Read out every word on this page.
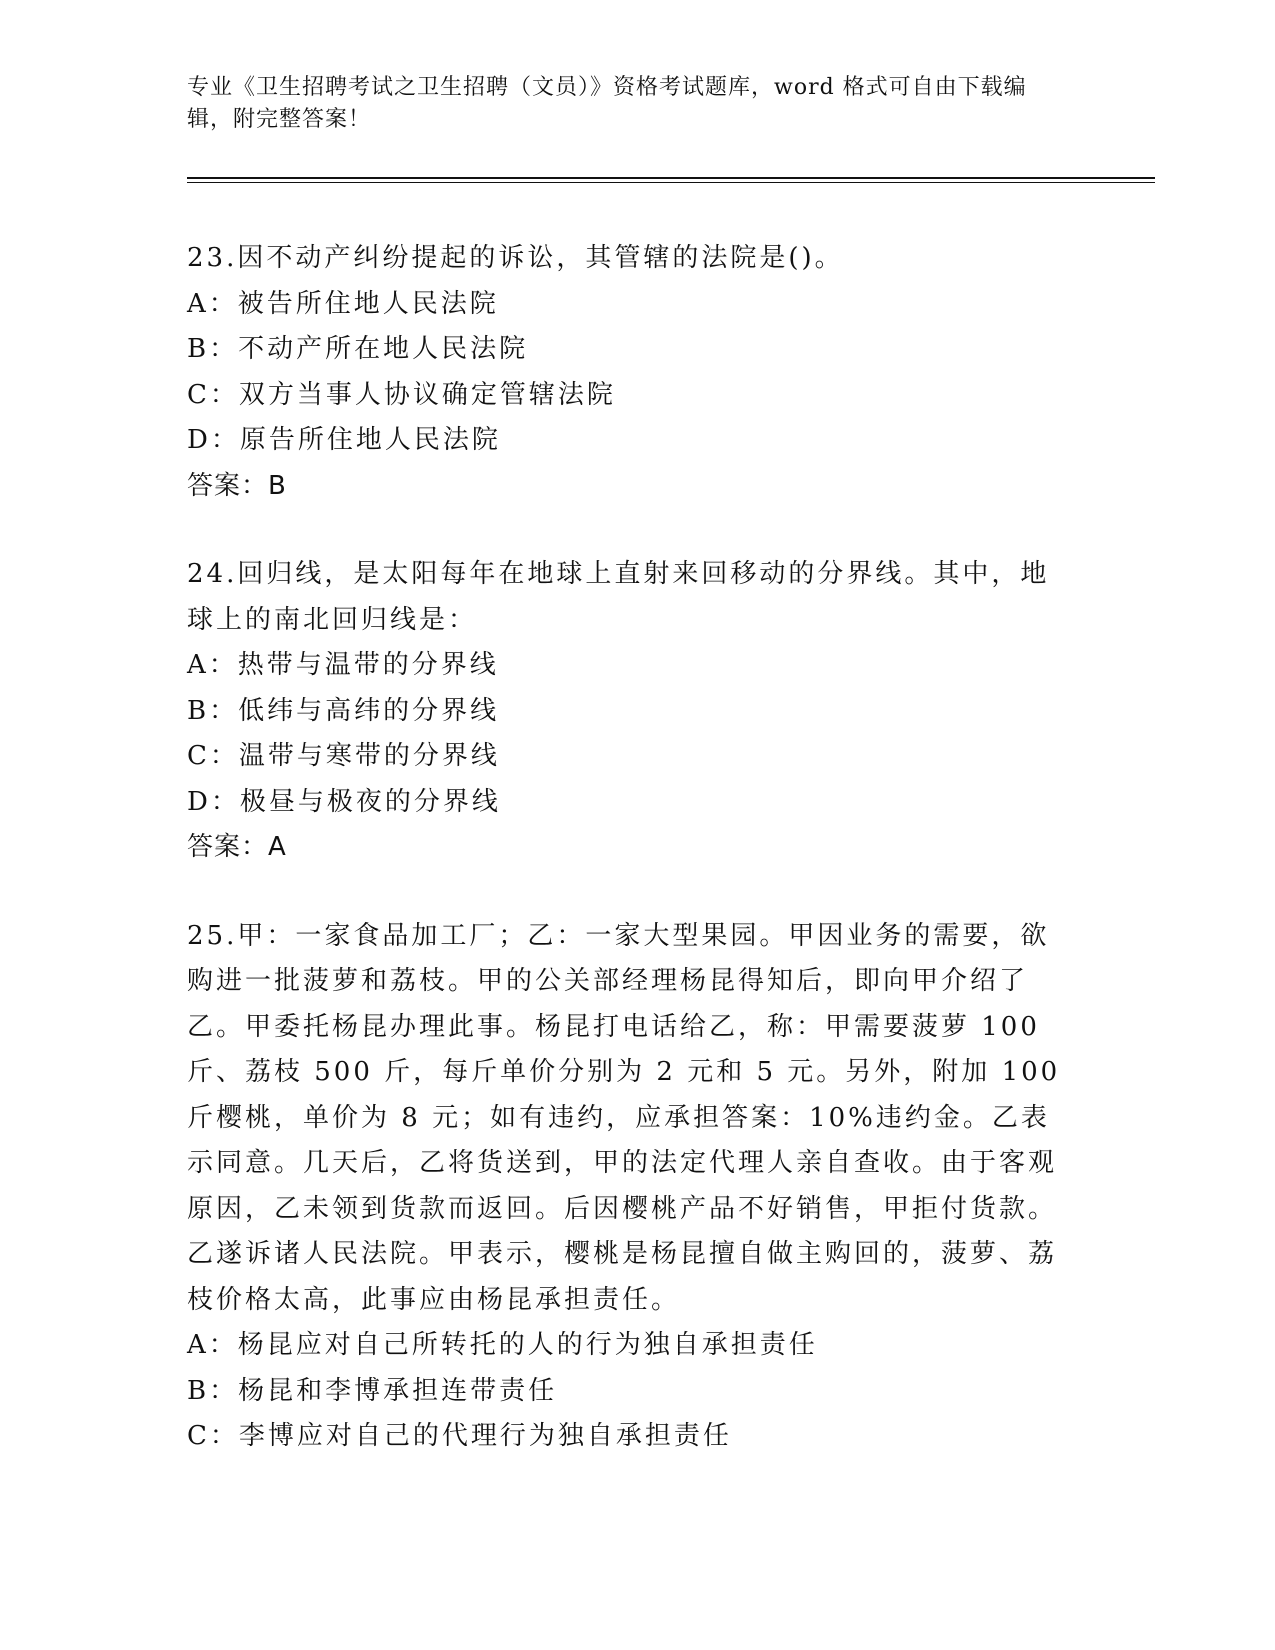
专业《卫生招聘考试之卫生招聘（文员）》资格考试题库，word 格式可自由下载编辑，附完整答案！
23.因不动产纠纷提起的诉讼，其管辖的法院是()。
A：被告所住地人民法院
B：不动产所在地人民法院
C：双方当事人协议确定管辖法院
D：原告所住地人民法院
答案：B
24.回归线，是太阳每年在地球上直射来回移动的分界线。其中，地球上的南北回归线是：
A：热带与温带的分界线
B：低纬与高纬的分界线
C：温带与寒带的分界线
D：极昼与极夜的分界线
答案：A
25.甲：一家食品加工厂；乙：一家大型果园。甲因业务的需要，欲购进一批菠萝和荔枝。甲的公关部经理杨昆得知后，即向甲介绍了乙。甲委托杨昆办理此事。杨昆打电话给乙，称：甲需要菠萝 100 斤、荔枝 500 斤，每斤单价分别为 2 元和 5 元。另外，附加 100 斤樱桃，单价为 8 元；如有违约，应承担答案：10%违约金。乙表示同意。几天后，乙将货送到，甲的法定代理人亲自查收。由于客观原因，乙未领到货款而返回。后因樱桃产品不好销售，甲拒付货款。乙遂诉诸人民法院。甲表示，樱桃是杨昆擅自做主购回的，菠萝、荔枝价格太高，此事应由杨昆承担责任。
A：杨昆应对自己所转托的人的行为独自承担责任
B：杨昆和李博承担连带责任
C：李博应对自己的代理行为独自承担责任
